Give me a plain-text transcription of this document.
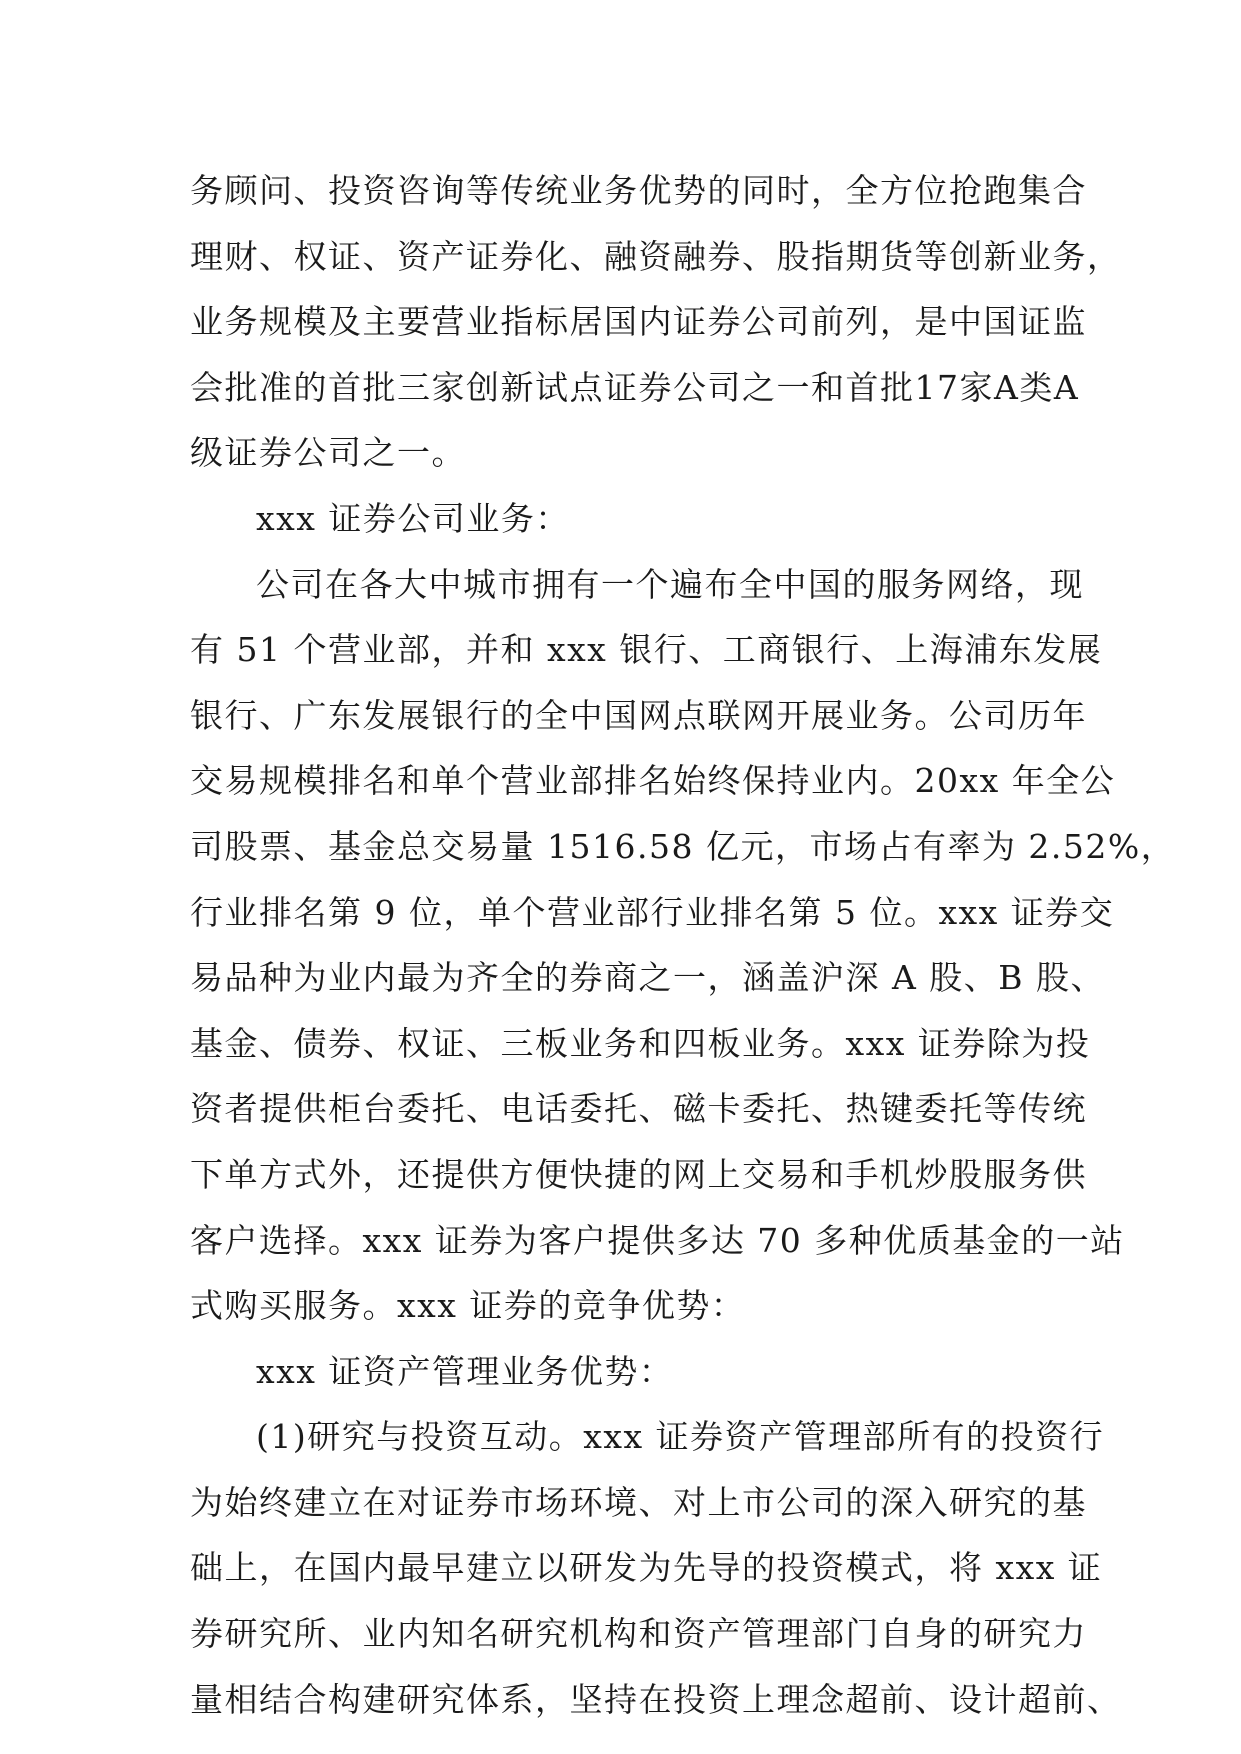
务顾问、投资咨询等传统业务优势的同时，全方位抢跑集合
理财、权证、资产证券化、融资融券、股指期货等创新业务，
业务规模及主要营业指标居国内证券公司前列，是中国证监
会批准的首批三家创新试点证券公司之一和首批17家A类A
级证券公司之一。
xxx 证券公司业务：
公司在各大中城市拥有一个遍布全中国的服务网络，现
有 51 个营业部，并和 xxx 银行、工商银行、上海浦东发展
银行、广东发展银行的全中国网点联网开展业务。公司历年
交易规模排名和单个营业部排名始终保持业内。20xx 年全公
司股票、基金总交易量 1516.58 亿元，市场占有率为 2.52%，
行业排名第 9 位，单个营业部行业排名第 5 位。xxx 证券交
易品种为业内最为齐全的券商之一，涵盖沪深 A 股、B 股、
基金、债券、权证、三板业务和四板业务。xxx 证券除为投
资者提供柜台委托、电话委托、磁卡委托、热键委托等传统
下单方式外，还提供方便快捷的网上交易和手机炒股服务供
客户选择。xxx 证券为客户提供多达 70 多种优质基金的一站
式购买服务。xxx 证券的竞争优势：
xxx 证资产管理业务优势：
(1)研究与投资互动。xxx 证券资产管理部所有的投资行
为始终建立在对证券市场环境、对上市公司的深入研究的基
础上，在国内最早建立以研发为先导的投资模式，将 xxx 证
券研究所、业内知名研究机构和资产管理部门自身的研究力
量相结合构建研究体系，坚持在投资上理念超前、设计超前、
